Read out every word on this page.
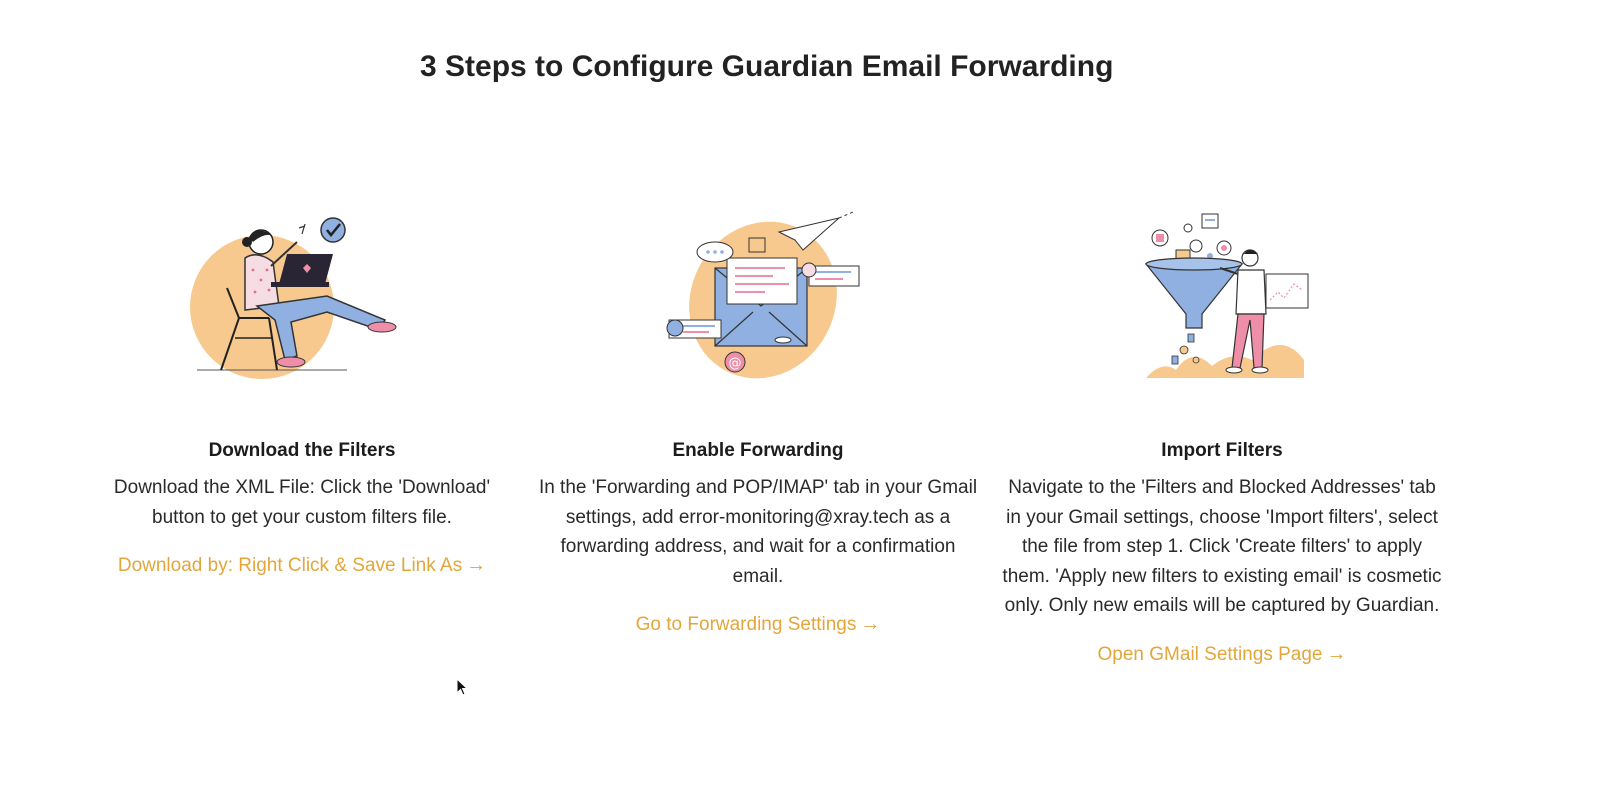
3 Steps to Configure Guardian Email Forwarding
Download the Filters

Download the XML File: Click the 'Download' button to get your custom filters file.

Download by: Right Click & Save Link As →
@
Enable Forwarding

In the 'Forwarding and POP/IMAP' tab in your Gmail settings, add error-monitoring@xray.tech as a forwarding address, and wait for a confirmation email.

Go to Forwarding Settings →
Import Filters

Navigate to the 'Filters and Blocked Addresses' tab in your Gmail settings, choose 'Import filters', select the file from step 1. Click 'Create filters' to apply them. 'Apply new filters to existing email' is cosmetic only. Only new emails will be captured by Guardian.

Open GMail Settings Page →
